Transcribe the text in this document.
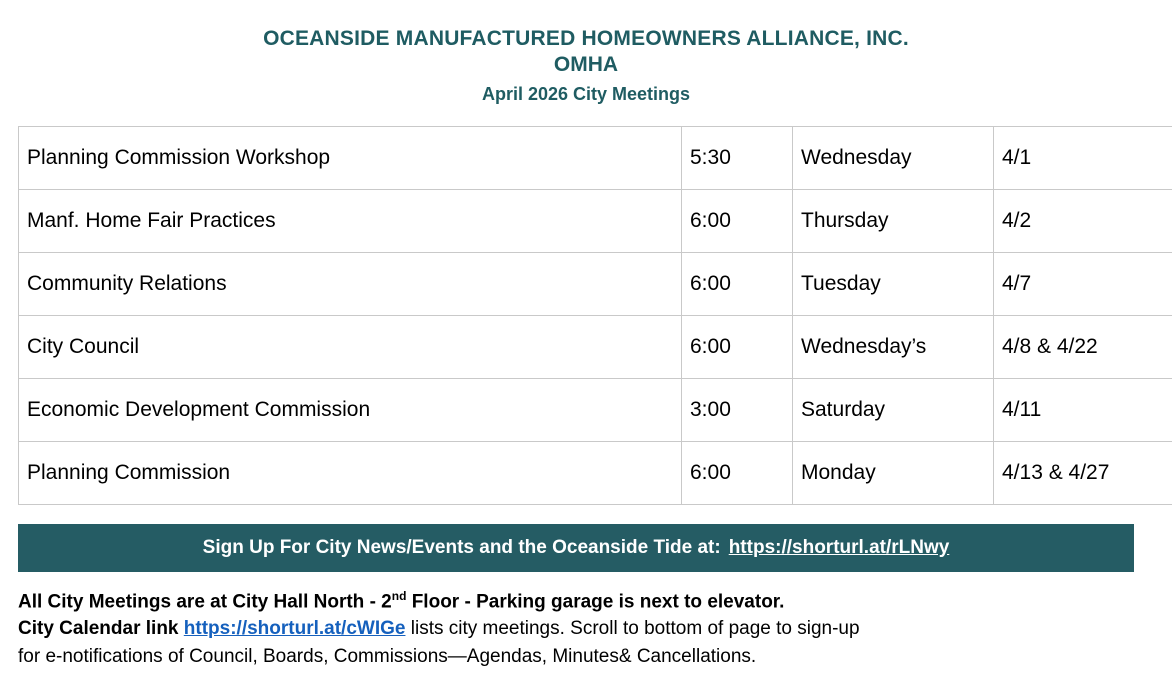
OCEANSIDE MANUFACTURED HOMEOWNERS ALLIANCE, INC.
OMHA
April 2026 City Meetings
Planning Commission Workshop	5:30	Wednesday	4/1
Manf. Home Fair Practices	6:00	Thursday	4/2
Community Relations	6:00	Tuesday	4/7
City Council	6:00	Wednesday’s	4/8 & 4/22
Economic Development Commission	3:00	Saturday	4/11
Planning Commission	6:00	Monday	4/13 & 4/27
Sign Up For City News/Events and the Oceanside Tide at: https://shorturl.at/rLNwy
All City Meetings are at City Hall North - 2nd Floor - Parking garage is next to elevator.
City Calendar link https://shorturl.at/cWIGe lists city meetings. Scroll to bottom of page to sign-up
for e-notifications of Council, Boards, Commissions—Agendas, Minutes& Cancellations.
